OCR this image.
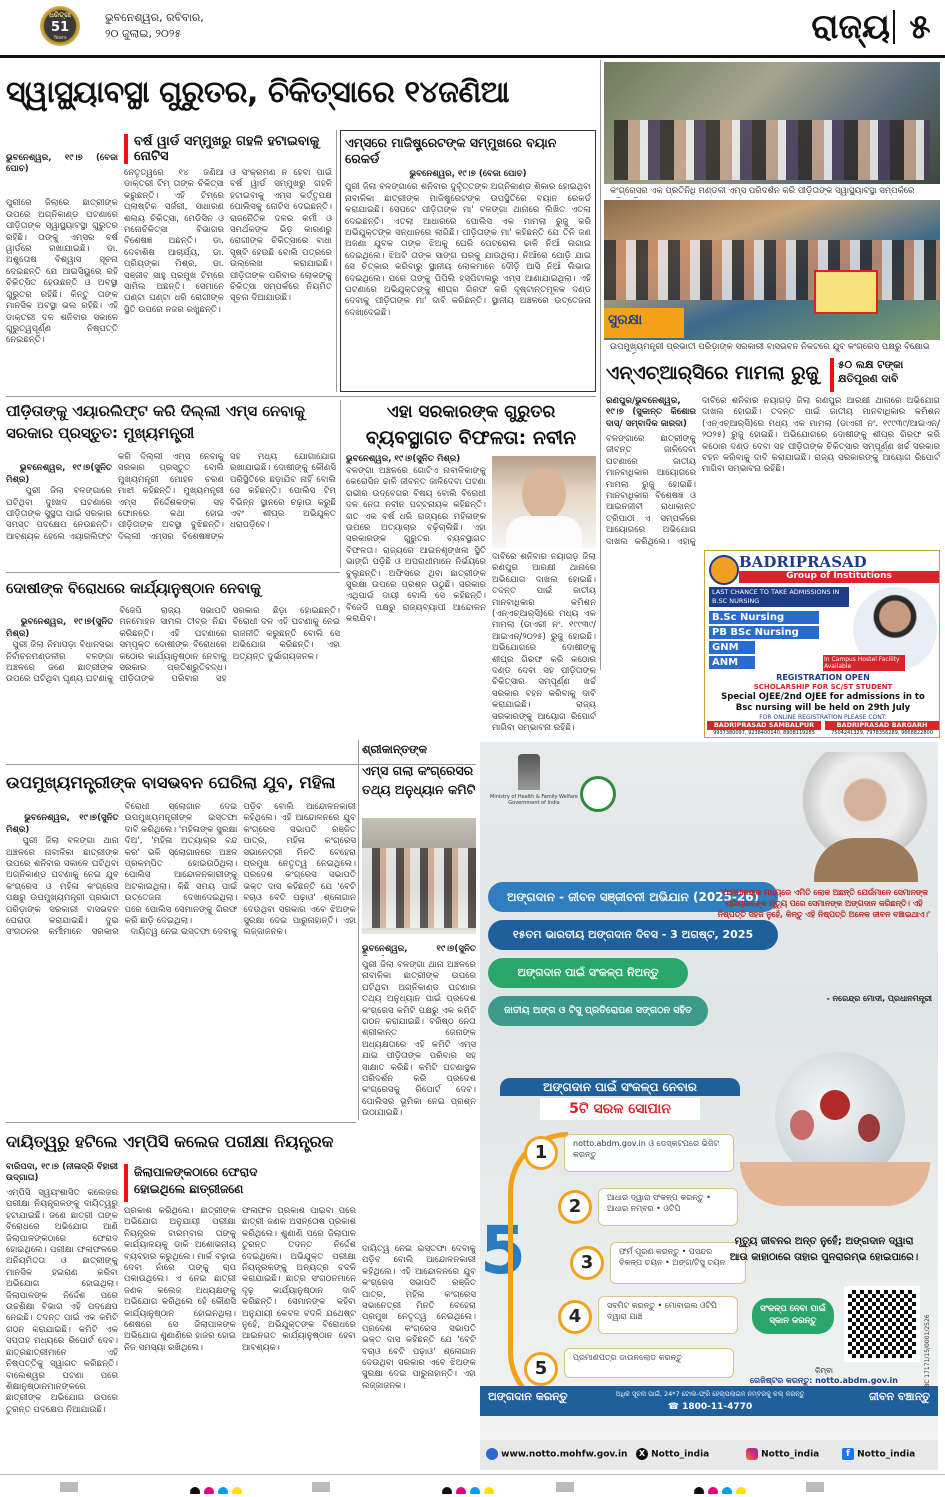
ଧରିତ୍ରୀ
51
Years
ଭୁବନେଶ୍ୱର, ରବିବାର,
୨୦ ଜୁଲାଇ, ୨୦୨୫	ରାଜ୍ୟ ୫
ସ୍ୱାସ୍ଥ୍ୟାବସ୍ଥା ଗୁରୁତର, ଚିକିତ୍ସାରେ ୧୪ଜଣିଆ

ଭୁବନେଶ୍ୱର, ୧୯।୭ (ବେଜା ପୋଚ)

ପୁରୀରେ ଜିଲାରେ ଛାତ୍ରୀଙ୍କ ଉପରେ ଅଗ୍ନିକାଣ୍ଡ ଘଟଣାରେ ପୀଡ଼ିତାଙ୍କ ସ୍ୱାସ୍ଥ୍ୟାବସ୍ଥା ଗୁରୁତର ରହିଛି। ତାଙ୍କୁ ଏମ୍ସର ବର୍ଷ ୱାର୍ଡରେ ରଖାଯାଇଛି। ଡା. ଅଶୁତୋଷ ବିଶ୍ୱାସ ସୂଚନା ଦେଇଛନ୍ତି ଯେ ଆଇସିୟୁରେ ରହି ଚିକିତ୍ସିତ ହେଉଛନ୍ତି ଓ ଅବସ୍ଥା ଗୁରୁତର ରହିଛି। କିନ୍ତୁ ତାଙ୍କ ମାନସିକ ଅବସ୍ଥା ଭଲ ରହିଛି। ଏହି ଡାକ୍ତରୀ ଦଳ ଶନିବାର ସକାଳେ ଗୁରୁତ୍ୱପୂର୍ଣ୍ଣ ନିଷ୍ପତ୍ତି ନେଇଛନ୍ତି।

ବର୍ଷ ୱାର୍ଡ ସମ୍ମୁଖରୁ ଗହଳି ହଟାଇବାକୁ ନୋଟିସ
ନେତୃତ୍ୱରେ ୧୪ ଜଣିଆ ଡାକ୍ତରୀ ଟିମ୍ ତାଙ୍କ ଚିକିତ୍ସା କରୁଛନ୍ତି। ଏହି ଟିମ୍ରେ ପ୍ଲାଷ୍ଟିକ ସର୍ଜରୀ, ସାଧାରଣ ଶଲ୍ୟ ଚିକିତ୍ସା, ମେଡିସିନ ଓ ମନୋଚିକିତ୍ସା ବିଭାଗର ବିଶେଷଜ୍ଞ ଅଛନ୍ତି। ଡା. ଦେବାଶିଷ ଆଚାର୍ଯ୍ୟ, ଡା. ପ୍ରିୟଙ୍କା ମିଶ୍ର, ଡା. ସଞ୍ଜୀବ ସାହୁ ପ୍ରମୁଖ ଟିମ୍ରେ ସାମିଲ ଅଛନ୍ତି। ସେମାନେ ଘଣ୍ଟା ଘଣ୍ଟା ଧରି ରୋଗୀଙ୍କ ସ୍ଥିତି ଉପରେ ନଜର ରଖୁଛନ୍ତି।
ଓ ସଂକ୍ରମଣ ନ ହେବା ପାଇଁ ବର୍ଷ ୱାର୍ଡ ସମ୍ମୁଖରୁ ଗହଳି ହଟାଇବାକୁ ଏମ୍ସ କର୍ତ୍ତୃପକ୍ଷ ପୋଲିସକୁ ନୋଟିସ ଦେଇଛନ୍ତି। ରାଜନୈତିକ ଦଳର କର୍ମୀ ଓ ସମର୍ଥକଙ୍କ ଭିଡ଼ କାରଣରୁ ରୋଗୀଙ୍କ ଚିକିତ୍ସାରେ ବାଧା ସୃଷ୍ଟି ହେଉଛି ବୋଲି ପତ୍ରରେ ଉଲ୍ଲେଖ କରାଯାଇଛି। ପୀଡ଼ିତାଙ୍କ ପରିବାର ଲୋକଙ୍କୁ ଚିକିତ୍ସା ସମ୍ପର୍କରେ ନିୟମିତ ସୂଚନା ଦିଆଯାଉଛି।
ଏମ୍ସରେ ମାଜିଷ୍ଟ୍ରେଟଙ୍କ ସମ୍ମୁଖରେ ବୟାନ ରେକର୍ଡ
ଭୁବନେଶ୍ୱର, ୧୯।୭ (ବେଜା ପୋଚ)
ପୁରୀ ଜିଲା ବଳଙ୍ଗାରେ ଶନିବାର ଦୁର୍ବୃତ୍ତଙ୍କ ଅଗ୍ନିକାଣ୍ଡ ଶିକାର ହୋଇଥିବା ନାବାଳିକା ଛାତ୍ରୀଙ୍କ ମାଜିଷ୍ଟ୍ରେଟଙ୍କ ଉପସ୍ଥିତିରେ ବୟାନ ରେକର୍ଡ କରାଯାଇଛି। ସେପଟେ ପୀଡ଼ିତାଙ୍କ ମା' ବଳଙ୍ଗା ଥାନାରେ ଲିଖିତ ଏତଲା ଦେଇଛନ୍ତି। ଏତଲା ଆଧାରରେ ପୋଲିସ ଏକ ମାମଲା ରୁଜୁ କରି ଅଭିଯୁକ୍ତଙ୍କ ସନ୍ଧାନରେ ଲାଗିଛି। ପୀଡ଼ିତାଙ୍କ ମା' କହିଛନ୍ତି ଯେ ତିନି ଜଣ ଅଜଣା ଯୁବକ ତାଙ୍କ ଝିଅକୁ ଘେରି ପେଟ୍ରୋଲ ଢାଳି ନିଆଁ ଲଗାଇ ଦେଇଥିଲେ। ଝିଅଟି ତାଙ୍କ ସାଙ୍ଗ ଘରକୁ ଯାଉଥିଲା। ନିଆଁରେ ପୋଡ଼ି ଯାଇ ସେ ଚିତ୍କାର କରିବାରୁ ସ୍ଥାନୀୟ ଲୋକମାନେ ଦୌଡ଼ି ଆସି ନିଆଁ ଲିଭାଇ ଦେଇଥିଲେ। ପରେ ତାଙ୍କୁ ପିପିଲି ହସ୍ପିଟାଲରୁ ଏମ୍ସ ଆଣାଯାଇଥିଲା। ଏହି ଘଟଣାରେ ଅଭିଯୁକ୍ତଙ୍କୁ ଶୀଘ୍ର ଗିରଫ କରି ଦୃଷ୍ଟାନ୍ତମୂଳକ ଦଣ୍ଡ ଦେବାକୁ ପୀଡ଼ିତାଙ୍କ ମା' ଦାବି କରିଛନ୍ତି। ସ୍ଥାନୀୟ ଅଞ୍ଚଳରେ ଉତ୍ତେଜନା ଦେଖାଦେଇଛି।
କଂଗ୍ରେସର ଏକ ପ୍ରତିନିଧି ମଣ୍ଡଳୀ ଏମ୍ସ ପରିଦର୍ଶନ କରି ପୀଡ଼ିତାଙ୍କ ସ୍ୱାସ୍ଥ୍ୟାବସ୍ଥା ସମ୍ପର୍କରେ
ସୁରକ୍ଷା
ଉପମୁଖ୍ୟମନ୍ତ୍ରୀ ପ୍ରଭାତୀ ପରିଡ଼ାଙ୍କ ସରକାରୀ ବାସଭବନ ନିକଟରେ ଯୁବ କଂଗ୍ରେସ ପକ୍ଷରୁ ବିକ୍ଷୋଭ
ଏନ୍‌ଏଚ୍‌ଆର୍‌ସିରେ ମାମଲା ରୁଜୁ	୫୦ ଲକ୍ଷ ଟଙ୍କା କ୍ଷତିପୂରଣ ଦାବି
ରଣପୁର/ଭୁବନେଶ୍ୱର, ୧୯।୭ (ସୁକାନ୍ତ କିଶୋର ଦାସ୍/ ସମ୍ବାଦିକ ଜାରଦା)
ବଳଙ୍ଗାରେ ଛାତ୍ରୀଙ୍କୁ ଜୀବନ୍ତ ଜାଳିଦେବା ଘଟଣାରେ ଜାତୀୟ ମାନବାଧିକାର ଆୟୋଗରେ ମାମଲା ରୁଜୁ ହୋଇଛି। ମାନବାଧିକାର ବିଶେଷଜ୍ଞ ଓ ଆଇନଜୀବୀ ରାଧାକାନ୍ତ ତ୍ରିପାଠୀ ଏ ସମ୍ପର୍କରେ ଆୟୋଗରେ ଅଭିଯୋଗ ଦାଖଲ କରିଥିଲେ। ଏହାକୁ
ଦାବିରେ ଶନିବାର ନୟାଗଡ଼ ଜିଲା ରଣପୁର ଆରକ୍ଷୀ ଥାନାରେ ଅଭିଯୋଗ ଦାଖଲ ହୋଇଛି। ତଦନ୍ତ ପାଇଁ ଜାତୀୟ ମାନବାଧିକାର କମିଶନ (ଏନ୍‌ଏଚ୍‌ଆର୍‌ସି)ରେ ମଧ୍ୟ ଏକ ମାମଲା (ଡାଏରୀ ନଂ. ୧୯୯୩୯/ଆଇଏନ୍/୨୦୨୫) ରୁଜୁ ହୋଇଛି। ଅଭିଯୋଗରେ ଦୋଷୀଙ୍କୁ ଶୀଘ୍ର ଗିରଫ କରି କଠୋର ଦଣ୍ଡ ଦେବା ସହ ପୀଡ଼ିତାଙ୍କ ଚିକିତ୍ସାର ସମ୍ପୂର୍ଣ୍ଣ ଖର୍ଚ୍ଚ ସରକାର ବହନ କରିବାକୁ ଦାବି କରାଯାଇଛି। ରାଜ୍ୟ ସରକାରଙ୍କୁ ଆୟୋଗ ରିପୋର୍ଟ ମାଗିବା ସମ୍ଭାବନା ରହିଛି।
ପୀଡ଼ିତାଙ୍କୁ ଏୟାରଲିଫ୍ଟ କରି ଦିଲ୍ଲୀ ଏମ୍ସ ନେବାକୁ ସରକାର ପ୍ରସ୍ତୁତ: ମୁଖ୍ୟମନ୍ତ୍ରୀ

ଭୁବନେଶ୍ୱର, ୧୯।୭(ସୁନିତ ମିଶ୍ର)
ପୁରୀ ଜିଲା ବଳଙ୍ଗାରେ ଘଟିଥିବା ଦୁଃଖଦ ଘଟଣାରେ ପୀଡ଼ିତାଙ୍କ ସୁସ୍ଥତା ପାଇଁ ସରକାର ସମସ୍ତ ପଦକ୍ଷେପ ନେଉଛନ୍ତି। ଆବଶ୍ୟକ ହେଲେ ଏୟାରଲିଫ୍ଟ କରି ଦିଲ୍ଲୀ ଏମ୍ସ ନେବାକୁ ସରକାର ପ୍ରସ୍ତୁତ ବୋଲି ମୁଖ୍ୟମନ୍ତ୍ରୀ ମୋହନ ଚରଣ ମାଝୀ କହିଛନ୍ତି। ମୁଖ୍ୟମନ୍ତ୍ରୀ ଏମ୍ସ ନିର୍ଦ୍ଦେଶକଙ୍କ ସହ ଫୋନରେ କଥା ହୋଇ ପୀଡ଼ିତାଙ୍କ ଅବସ୍ଥା ବୁଝିଛନ୍ତି। ଦିଲ୍ଲୀ ଏମ୍ସର ବିଶେଷଜ୍ଞଙ୍କ ସହ ମଧ୍ୟ ଯୋଗାଯୋଗ ରଖାଯାଇଛି। ଦୋଷୀଙ୍କୁ କୌଣସି ପରିସ୍ଥିତିରେ ଛଡ଼ାଯିବ ନାହିଁ ବୋଲି ସେ କହିଛନ୍ତି। ପୋଲିସ ଟିମ୍ ବିଭିନ୍ନ ସ୍ଥାନରେ ଚଢ଼ାଉ କରୁଛି ଏବଂ ଶୀଘ୍ର ଅଭିଯୁକ୍ତ ଧରାପଡ଼ିବେ।

ଏହା ସରକାରଙ୍କ ଗୁରୁତର
ବ୍ୟବସ୍ଥାଗତ ବିଫଳତା: ନବୀନ
ଭୁବନେଶ୍ୱର, ୧୯।୭(ସୁନିତ ମିଶ୍ର)
ବଳଙ୍ଗା ଅଞ୍ଚଳରେ ଗୋଟିଏ ନାବାଳିକାଙ୍କୁ କେରୋସିନ ଢାଳି ଜୀବନ୍ତ ଜାଳିଦେବା ଘଟଣା ଗଭୀର ଉଦ୍‌ବେଗର ବିଷୟ ବୋଲି ବିରୋଧୀ ଦଳ ନେତା ନବୀନ ପଟ୍ଟନାୟକ କହିଛନ୍ତି। ଗତ ଏକ ବର୍ଷ ଧରି ରାଜ୍ୟରେ ମହିଳାଙ୍କ ଉପରେ ଅତ୍ୟାଚାର ବଢ଼ିଚାଲିଛି। ଏହା ସରକାରଙ୍କ ଗୁରୁତର ବ୍ୟବସ୍ଥାଗତ ବିଫଳତା। ରାଜ୍ୟରେ ଆଇନଶୃଙ୍ଖଳା ସ୍ଥିତି ଭାଙ୍ଗି ପଡ଼ିଛି ଓ ଅପରାଧୀମାନେ ନିର୍ଭୟରେ ବୁଲୁଛନ୍ତି। ଅଫିସରେ ଥିବା ଛାତ୍ରୀଙ୍କ ସୁରକ୍ଷା ଉପରେ ପ୍ରଶ୍ନ ଉଠୁଛି। ସରକାର ଏଥିପାଇଁ ଦାୟୀ ବୋଲି ସେ କହିଛନ୍ତି। ବିଜେଡି ପକ୍ଷରୁ ରାଜ୍ୟବ୍ୟାପୀ ଆନ୍ଦୋଳନ କରାଯିବ।
ଦୋଷୀଙ୍କ ବିରୋଧରେ କାର୍ଯ୍ୟାନୁଷ୍ଠାନ ନେବାକୁ

ଭୁବନେଶ୍ୱର, ୧୯।୭(ସୁନିତ ମିଶ୍ର)
ପୁରୀ ଜିଲା ନିମାପଡ଼ା ବିଧାନସଭା ନିର୍ବାଚନମଣ୍ଡଳୀର ବଳଙ୍ଗା ଅଞ୍ଚଳରେ ଜଣେ ଛାତ୍ରୀଙ୍କ ଉପରେ ଘଟିଥିବା ଘୃଣ୍ୟ ଘଟଣାକୁ ବିଜେପି ରାଜ୍ୟ ସଭାପତି ମନମୋହନ ସାମଲ ତୀବ୍ର ନିନ୍ଦା କରିଛନ୍ତି। ଏହି ଘଟଣାରେ ସମ୍ପୃକ୍ତ ଦୋଷୀଙ୍କ ବିରୋଧରେ କଠୋର କାର୍ଯ୍ୟାନୁଷ୍ଠାନ ନେବାକୁ ସରକାର ପ୍ରତିଶ୍ରୁତିବଦ୍ଧ। ପୀଡ଼ିତାଙ୍କ ପରିବାର ସହ ସରକାର ଛିଡ଼ା ହୋଇଛନ୍ତି। ବିରୋଧୀ ଦଳ ଏହି ଘଟଣାକୁ ନେଇ ରାଜନୀତି କରୁଛନ୍ତି ବୋଲି ସେ ଅଭିଯୋଗ କରିଛନ୍ତି। ଏହା ଅତ୍ୟନ୍ତ ଦୁର୍ଭାଗ୍ୟଜନକ।

ଦାବିରେ ଶନିବାର ନୟାଗଡ଼ ଜିଲା ରଣପୁର ଆରକ୍ଷୀ ଥାନାରେ ଅଭିଯୋଗ ଦାଖଲ ହୋଇଛି। ତଦନ୍ତ ପାଇଁ ଜାତୀୟ ମାନବାଧିକାର କମିଶନ (ଏନ୍‌ଏଚ୍‌ଆର୍‌ସି)ରେ ମଧ୍ୟ ଏକ ମାମଲା (ଡାଏରୀ ନଂ. ୧୯୯୩୯/ଆଇଏନ୍/୨୦୨୫) ରୁଜୁ ହୋଇଛି। ଅଭିଯୋଗରେ ଦୋଷୀଙ୍କୁ ଶୀଘ୍ର ଗିରଫ କରି କଠୋର ଦଣ୍ଡ ଦେବା ସହ ପୀଡ଼ିତାଙ୍କ ଚିକିତ୍ସାର ସମ୍ପୂର୍ଣ୍ଣ ଖର୍ଚ୍ଚ ସରକାର ବହନ କରିବାକୁ ଦାବି କରାଯାଇଛି। ରାଜ୍ୟ ସରକାରଙ୍କୁ ଆୟୋଗ ରିପୋର୍ଟ ମାଗିବା ସମ୍ଭାବନା ରହିଛି।
BADRIPRASAD
Group of Institutions
LAST CHANCE TO TAKE ADMISSIONS IN B.SC NURSING
B.Sc Nursing
PB BSc Nursing
GNM
ANM	In Campus Hostel Facility Available
REGISTRATION OPEN
SCHOLARSHIP FOR SC/ST STUDENT
Special OJEE/2nd OJEE for admissions in to
Bsc nursing will be held on 29th July
FOR ONLINE REGISTRATION PLEASE CONT:
BADRIPRASAD SAMBALPUR	BADRIPRASAD BARGARH
9937380097, 9238400140, 8908119285	7504241329, 7978356289, 9668822800
ଉପମୁଖ୍ୟମନ୍ତ୍ରୀଙ୍କ ବାସଭବନ ଘେରିଲା ଯୁବ, ମହିଳା

ଭୁବନେଶ୍ୱର, ୧୯।୭(ସୁନିତ ମିଶ୍ର)
ପୁରୀ ଜିଲା ବଳଙ୍ଗା ଥାନା ଅଞ୍ଚଳରେ ନାବାଳିକା ଛାତ୍ରୀଙ୍କ ଉପରେ ଶନିବାର ସକାଳେ ଘଟିଥିବା ଅଗ୍ନିକାଣ୍ଡ ଘଟଣାକୁ ନେଇ ଯୁବ କଂଗ୍ରେସ ଓ ମହିଳା କଂଗ୍ରେସ ପକ୍ଷରୁ ଉପମୁଖ୍ୟମନ୍ତ୍ରୀ ପ୍ରଭାତୀ ପରିଡ଼ାଙ୍କ ସରକାରୀ ବାସଭବନ ଘେରାଉ କରାଯାଇଛି। ଦୁଇ ସଂଗଠନର କର୍ମୀମାନେ ସରକାର ବିରୋଧୀ ସ୍ଲୋଗାନ ଦେଇ ଉପମୁଖ୍ୟମନ୍ତ୍ରୀଙ୍କ ଇସ୍ତଫା ଦାବି କରିଥିଲେ। 'ମହିଳାଙ୍କ ସୁରକ୍ଷା ଦିଅ', 'ମହିଳା ଅତ୍ୟାଚାର ବନ୍ଦ କର' ଭଳି ସ୍ଲୋଗାନରେ ଅଞ୍ଚଳ ପ୍ରକମ୍ପିତ ହୋଇଉଠିଥିଲା। ପୋଲିସ ଆନ୍ଦୋଳନକାରୀଙ୍କୁ ଅଟକାଇଥିଲା। କିଛି ସମୟ ପାଇଁ ଉତ୍ତେଜନା ଦେଖାଦେଇଥିଲା। ପରେ ପୋଲିସ ସେମାନଙ୍କୁ ଗିରଫ କରି ଛାଡ଼ି ଦେଇଥିଲା।
ଦାୟିତ୍ୱ ନେଇ ଇସ୍ତଫା ଦେବାକୁ ପଡ଼ିବ ବୋଲି ଆନ୍ଦୋଳନକାରୀ କହିଥିଲେ। ଏହି ଆନ୍ଦୋଳନରେ ଯୁବ କଂଗ୍ରେସ ସଭାପତି ରଞ୍ଜିତ ପାତ୍ର, ମହିଳା କଂଗ୍ରେସ ସଭାନେତ୍ରୀ ମିନତି ବେହେରା ପ୍ରମୁଖ ନେତୃତ୍ୱ ନେଇଥିଲେ। ପ୍ରଦେଶ କଂଗ୍ରେସ ସଭାପତି ଭକ୍ତ ଦାସ କହିଛନ୍ତି ଯେ 'ବେଟି ବଚାଓ ବେଟି ପଢ଼ାଓ' ଶ୍ଳୋଗାନ ଦେଉଥିବା ସରକାର ଏବେ ଝିଅଙ୍କ ସୁରକ୍ଷା ଦେଇ ପାରୁନାହାନ୍ତି। ଏହା ଲଜ୍ଜାଜନକ।

ଶ୍ରୀକାନ୍ତଙ୍କ
ଏମ୍ସ ଗଲା କଂଗ୍ରେସର
ତଥ୍ୟ ଅନୁଧ୍ୟାନ କମିଟି
ଭୁବନେଶ୍ୱର, ୧୯।୭(ସୁନିତ
ପୁରୀ ଜିଲା ବଳଙ୍ଗା ଥାନା ଅଞ୍ଚଳରେ ନାବାଳିକା ଛାତ୍ରୀଙ୍କ ଉପରେ ଘଟିଥିବା ଅଗ୍ନିକାଣ୍ଡ ଘଟଣାର ତଥ୍ୟ ଅନୁଧ୍ୟାନ ପାଇଁ ପ୍ରଦେଶ କଂଗ୍ରେସ କମିଟି ପକ୍ଷରୁ ଏକ କମିଟି ଗଠନ କରାଯାଇଛି। ବରିଷ୍ଠ ନେତା ଶ୍ରୀକାନ୍ତ ଜେନାଙ୍କ ଅଧ୍ୟକ୍ଷତାରେ ଏହି କମିଟି ଏମ୍ସ ଯାଇ ପୀଡ଼ିତାଙ୍କ ପରିବାର ସହ ସାକ୍ଷାତ କରିଛି। କମିଟି ଘଟଣାସ୍ଥଳ ପରିଦର୍ଶନ କରି ପ୍ରଦେଶ କଂଗ୍ରେସକୁ ରିପୋର୍ଟ ଦେବ। ପୋଲିସର ଭୂମିକା ନେଇ ପ୍ରଶ୍ନ ଉଠାଯାଇଛି।
ଦାୟିତ୍ୱରୁ ହଟିଲେ ଏମ୍‌ପିସି କଲେଜ ପରୀକ୍ଷା ନିୟନ୍ତ୍ରକ
ବାରିପଦା, ୧୯।୭ (ନୀଳାଦ୍ରି ବିହାରୀ ଉଦ୍ଗାତା)
ଏମ୍‌ପିସି ସ୍ୱୟଂଶାସିତ କଲେଜର ପରୀକ୍ଷା ନିୟନ୍ତ୍ରକଙ୍କୁ ଦାୟିତ୍ୱରୁ ହଟାଯାଇଛି। ଜଣେ ଛାତ୍ରୀ ତାଙ୍କ ବିରୋଧରେ ଅଭିଯୋଗ ଆଣି ଜିଲାପାଳଙ୍କଠାରେ ଫେରାଦ ହୋଇଥିଲେ। ପରୀକ୍ଷା ଫଳାଫଳରେ ଅନିୟମିତତା ଓ ଛାତ୍ରୀଙ୍କୁ ମାନସିକ ହଇରାଣ କରିବା ଅଭିଯୋଗ ହୋଇଥିଲା। ଜିଲାପାଳଙ୍କ ନିର୍ଦ୍ଦେଶ ପରେ ଉଚ୍ଚଶିକ୍ଷା ବିଭାଗ ଏହି ପଦକ୍ଷେପ ନେଇଛି। ତଦନ୍ତ ପାଇଁ ଏକ କମିଟି ଗଠନ କରାଯାଇଛି। କମିଟି ଏକ ସପ୍ତାହ ମଧ୍ୟରେ ରିପୋର୍ଟ ଦେବ। ଛାତ୍ରଛାତ୍ରୀମାନେ ଏହି ନିଷ୍ପତ୍ତିକୁ ସ୍ୱାଗତ କରିଛନ୍ତି। ବାଲେଶ୍ୱର ଘଟଣା ପରେ ଶିକ୍ଷାନୁଷ୍ଠାନମାନଙ୍କରେ ଛାତ୍ରୀଙ୍କ ଅଭିଯୋଗ ଉପରେ ତୁରନ୍ତ ପଦକ୍ଷେପ ନିଆଯାଉଛି।
ଜିଲାପାଳଙ୍କଠାରେ ଫେରାଦ ହୋଇଥିଲେ ଛାତ୍ରୀଜଣେ
ପ୍ରକାଶ କରିଥିଲେ। ଛାତ୍ରୀଙ୍କ ଅଭିଯୋଗ ଅନୁଯାୟୀ ପରୀକ୍ଷା ନିୟନ୍ତ୍ରକ ବାରମ୍ବାର ତାଙ୍କୁ କାର୍ଯ୍ୟାଳୟକୁ ଡାକି ଅଶୋଭନୀୟ ବ୍ୟବହାର କରୁଥିଲେ। ମାର୍କ ବଢ଼ାଇ ଦେବା ନାଁରେ ତାଙ୍କୁ ଚାପ ପକାଉଥିଲେ। ଏ ନେଇ ଛାତ୍ରୀ ଜଣକ କଲେଜ ଅଧ୍ୟକ୍ଷଙ୍କୁ ଅଭିଯୋଗ କରିଥିଲେ ହେଁ କୌଣସି କାର୍ଯ୍ୟାନୁଷ୍ଠାନ ହୋଇନଥିଲା। ଶେଷରେ ସେ ଜିଲାପାଳଙ୍କ ଅଭିଯୋଗ ଶୁଣାଣିରେ ହାଜର ହୋଇ ନିଜ ସମସ୍ୟା ରଖିଥିଲେ।
ଫଳାଫଳ ପ୍ରକାଶ ପାଇବା ପରେ ଛାତ୍ରୀ ଜଣକ ଅସନ୍ତୋଷ ପ୍ରକାଶ କରିଥିଲେ। ଶୁଣାଣି ପରେ ଜିଲାପାଳ ତୁରନ୍ତ ତଦନ୍ତ ନିର୍ଦ୍ଦେଶ ଦେଇଥିଲେ। ଅଭିଯୁକ୍ତ ପରୀକ୍ଷା ନିୟନ୍ତ୍ରକଙ୍କୁ ଅନ୍ୟତ୍ର ବଦଳି କରାଯାଇଛି। ଛାତ୍ର ସଂଗଠନମାନେ ଦୃଢ଼ କାର୍ଯ୍ୟାନୁଷ୍ଠାନ ଦାବି କରିଛନ୍ତି। ସେମାନଙ୍କ କହିବା ଅନୁଯାୟୀ କେବଳ ବଦଳି ଯଥେଷ୍ଟ ନୁହେଁ, ଅଭିଯୁକ୍ତଙ୍କ ବିରୋଧରେ ଆଇନଗତ କାର୍ଯ୍ୟାନୁଷ୍ଠାନ ହେବା ଆବଶ୍ୟକ।
ଦାୟିତ୍ୱ ନେଇ ଇସ୍ତଫା ଦେବାକୁ ପଡ଼ିବ ବୋଲି ଆନ୍ଦୋଳନକାରୀ କହିଥିଲେ। ଏହି ଆନ୍ଦୋଳନରେ ଯୁବ କଂଗ୍ରେସ ସଭାପତି ରଞ୍ଜିତ ପାତ୍ର, ମହିଳା କଂଗ୍ରେସ ସଭାନେତ୍ରୀ ମିନତି ବେହେରା ପ୍ରମୁଖ ନେତୃତ୍ୱ ନେଇଥିଲେ। ପ୍ରଦେଶ କଂଗ୍ରେସ ସଭାପତି ଭକ୍ତ ଦାସ କହିଛନ୍ତି ଯେ 'ବେଟି ବଚାଓ ବେଟି ପଢ଼ାଓ' ଶ୍ଳୋଗାନ ଦେଉଥିବା ସରକାର ଏବେ ଝିଅଙ୍କ ସୁରକ୍ଷା ଦେଇ ପାରୁନାହାନ୍ତି। ଏହା ଲଜ୍ଜାଜନକ।
Ministry of Health & Family Welfare
Government of India
ଅଙ୍ଗଦାନ - ଜୀବନ ସଞ୍ଜୀବନୀ ଅଭିଯାନ (2025-26)
୧୫ତମ ଭାରତୀୟ ଅଙ୍ଗଦାନ ଦିବସ - 3 ଅଗଷ୍ଟ, 2025
ଅଙ୍ଗଦାନ ପାଇଁ ସଂକଳ୍ପ ନିଅନ୍ତୁ
ଜାତୀୟ ଅଙ୍ଗ ଓ ଟିସୁ ପ୍ରତିରୋପଣ ସଙ୍ଗଠନ ସହିତ
'ଆମମାନଙ୍କ ମଧ୍ୟରେ ଏମିତି ଲୋକ ଅଛନ୍ତି ଯେଉଁମାନେ ସେମାନଙ୍କ ପ୍ରିୟଜନଙ୍କ ମୃତ୍ୟୁ ପରେ ସେମାନଙ୍କ ଅଙ୍ଗଦାନ କରିଛନ୍ତି। ଏହି ନିଷ୍ପତ୍ତି ସହଜ ନୁହେଁ, କିନ୍ତୁ ଏହି ନିଷ୍ପତ୍ତି ଅନେକ ଜୀବନ ବଞ୍ଚାଇଥାଏ।'
- ନରେନ୍ଦ୍ର ମୋଦୀ, ପ୍ରଧାନମନ୍ତ୍ରୀ
ଅଙ୍ଗଦାନ ପାଇଁ ସଂକଳ୍ପ ନେବାର
5ଟି ସରଳ ସୋପାନ
5
1	notto.abdm.gov.in ଓ ଡେସ୍କଟପରେ ଭିଜିଟ କରନ୍ତୁ
2	ଆଧାର ଦ୍ୱାରା ସଂକଳ୍ପ କରନ୍ତୁ • ଆଧାର ନମ୍ବର • ଓଟିପି
3
ଫର୍ମ ପୂରଣ କରନ୍ତୁ • ପସନ୍ଦର ବିକଳ୍ପ ଚୟନ • ଅଙ୍ଗ/ଟିସୁ ଚୟନ
4
ସବମିଟ କରନ୍ତୁ • ମୋବାଇଲ ଓଟିପି ଦ୍ୱାରା ଯାଞ୍ଚ
5
ପ୍ରମାଣପତ୍ର ଡାଉନଲୋଡ କରନ୍ତୁ
ମୃତ୍ୟୁ ଜୀବନର ଅନ୍ତ ନୁହେଁ; ଅଙ୍ଗଦାନ ଦ୍ୱାରା
ଆଉ କାହାଠାରେ ତାହାର ପୁନରାରମ୍ଭ ହୋଇପାରେ।
ସଂକଳ୍ପ ନେବା ପାଇଁ ସ୍କାନ କରନ୍ତୁ
କିମ୍ବା
ରେଜିଷ୍ଟର କରନ୍ତୁ: notto.abdm.gov.in
ଅଙ୍ଗଦାନ କରନ୍ତୁ	ଜୀବନ ବଞ୍ଚାନ୍ତୁ
ଅଧିକ ସୂଚନା ପାଇଁ, 24*7 ଟୋଲ-ଫ୍ରି ହେଲ୍ପଲାଇନ ନମ୍ବରକୁ କଲ୍ କରନ୍ତୁ
☎ 1800-11-4770
CBC 17171/15/0001/2526
www.notto.mohfw.gov.in	X Notto_india	Notto_india	f Notto_india
